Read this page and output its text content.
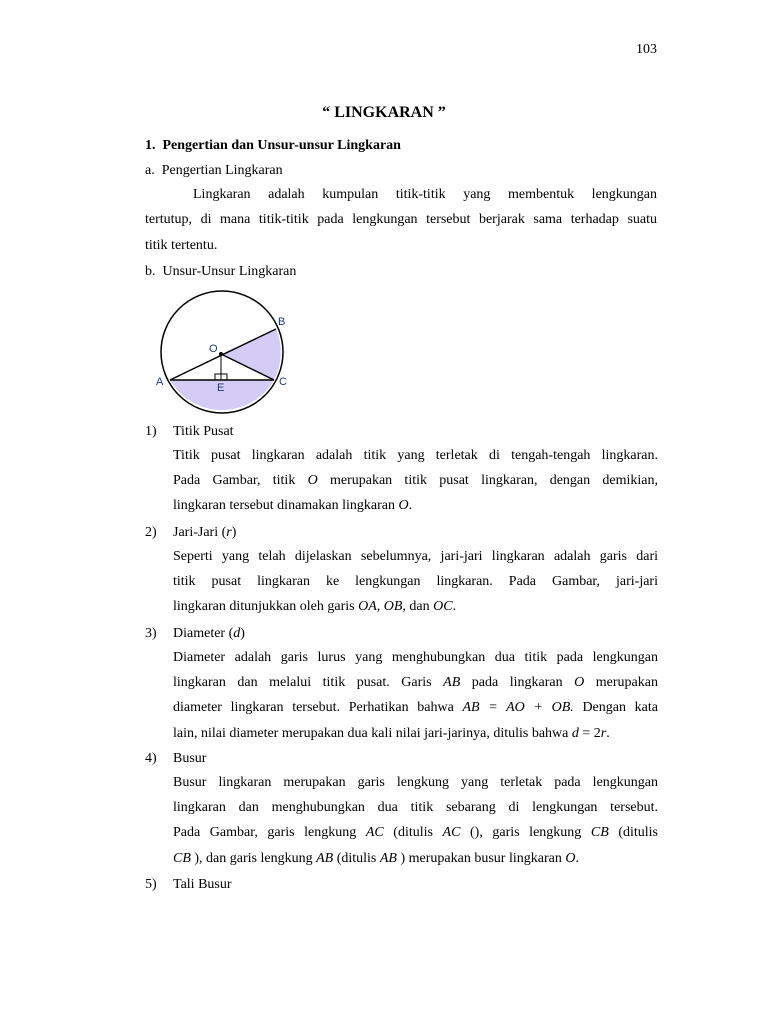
103
“ LINGKARAN ”
1. Pengertian dan Unsur-unsur Lingkaran
a. Pengertian Lingkaran
Lingkaran adalah kumpulan titik-titik yang membentuk lengkungan
tertutup, di mana titik-titik pada lengkungan tersebut berjarak sama terhadap suatu
titik tertentu.
b. Unsur-Unsur Lingkaran
O
B
A	C
E
1) Titik Pusat
Titik pusat lingkaran adalah titik yang terletak di tengah-tengah lingkaran.
Pada Gambar, titik O merupakan titik pusat lingkaran, dengan demikian,
lingkaran tersebut dinamakan lingkaran O.
2) Jari-Jari (r)
Seperti yang telah dijelaskan sebelumnya, jari-jari lingkaran adalah garis dari
titik pusat lingkaran ke lengkungan lingkaran. Pada Gambar, jari-jari
lingkaran ditunjukkan oleh garis OA, OB, dan OC.
3) Diameter (d)
Diameter adalah garis lurus yang menghubungkan dua titik pada lengkungan
lingkaran dan melalui titik pusat. Garis AB pada lingkaran O merupakan
diameter lingkaran tersebut. Perhatikan bahwa AB = AO + OB. Dengan kata
lain, nilai diameter merupakan dua kali nilai jari-jarinya, ditulis bahwa d = 2r.
4) Busur
Busur lingkaran merupakan garis lengkung yang terletak pada lengkungan
lingkaran dan menghubungkan dua titik sebarang di lengkungan tersebut.
Pada Gambar, garis lengkung AC (ditulis AC (), garis lengkung CB (ditulis
CB ), dan garis lengkung AB (ditulis AB ) merupakan busur lingkaran O.
5) Tali Busur
